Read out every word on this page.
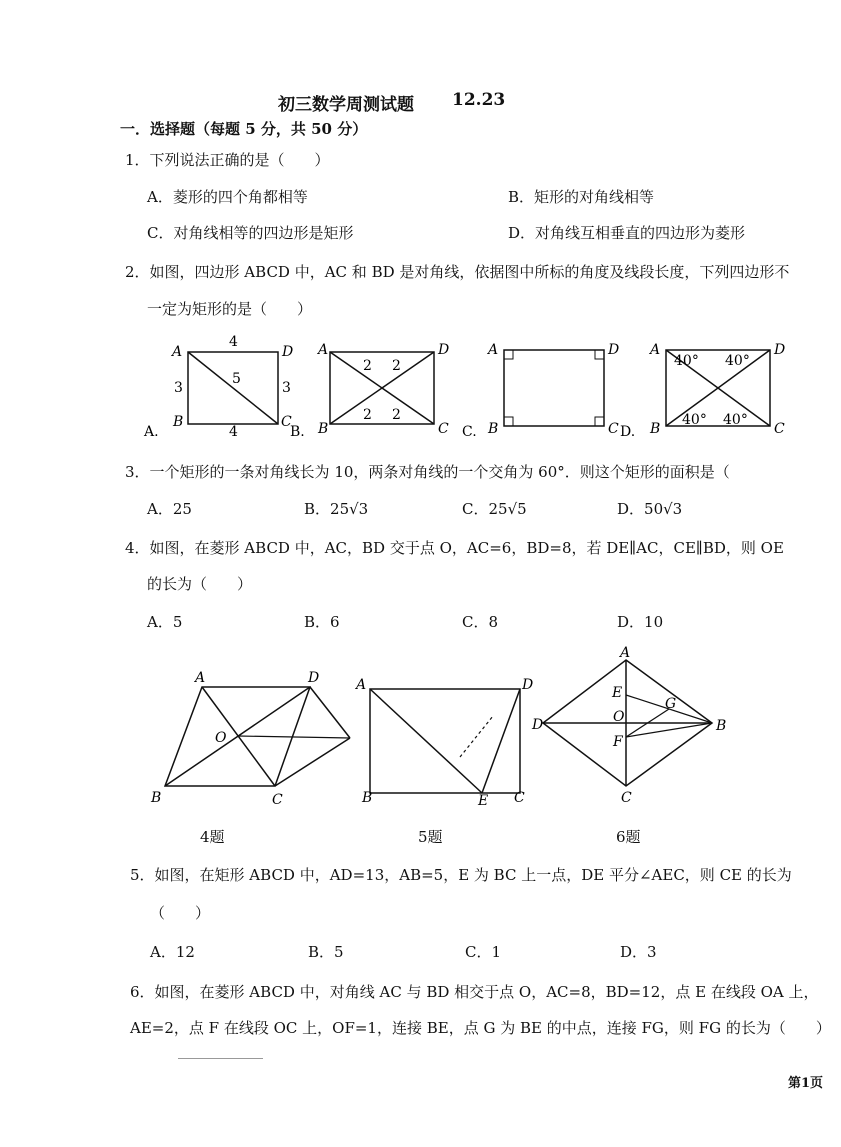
初三数学周测试题 12.23
一．选择题（每题 5 分，共 50 分）
1．下列说法正确的是（　　）
A．菱形的四个角都相等	B．矩形的对角线相等
C．对角线相等的四边形是矩形	D．对角线互相垂直的四边形为菱形
2．如图，四边形 ABCD 中，AC 和 BD 是对角线，依据图中所标的角度及线段长度，下列四边形不
一定为矩形的是（　　）
A	D
B	C
4
4
3	3
5
A.
A	D
B	C
2 2
2 2
B.
A	D
B	C
C.
A	D
B	C
40° 40°
40° 40°
D.
3．一个矩形的一条对角线长为 10，两条对角线的一个交角为 60°．则这个矩形的面积是（
A．25	B．25√3	C．25√5	D．50√3
4．如图，在菱形 ABCD 中，AC，BD 交于点 O，AC=6，BD=8，若 DE∥AC，CE∥BD，则 OE
的长为（　　）
A．5	B．6	C．8	D．10
A	D
B	C
O
A	D
B	E C
A
D	B
C
E
O
F
G
4题	5题	6题
5．如图，在矩形 ABCD 中，AD=13，AB=5，E 为 BC 上一点，DE 平分∠AEC，则 CE 的长为
（　　）
A．12	B．5	C．1	D．3
6．如图，在菱形 ABCD 中，对角线 AC 与 BD 相交于点 O，AC=8，BD=12，点 E 在线段 OA 上，
AE=2，点 F 在线段 OC 上，OF=1，连接 BE，点 G 为 BE 的中点，连接 FG，则 FG 的长为（　　）
第1页
